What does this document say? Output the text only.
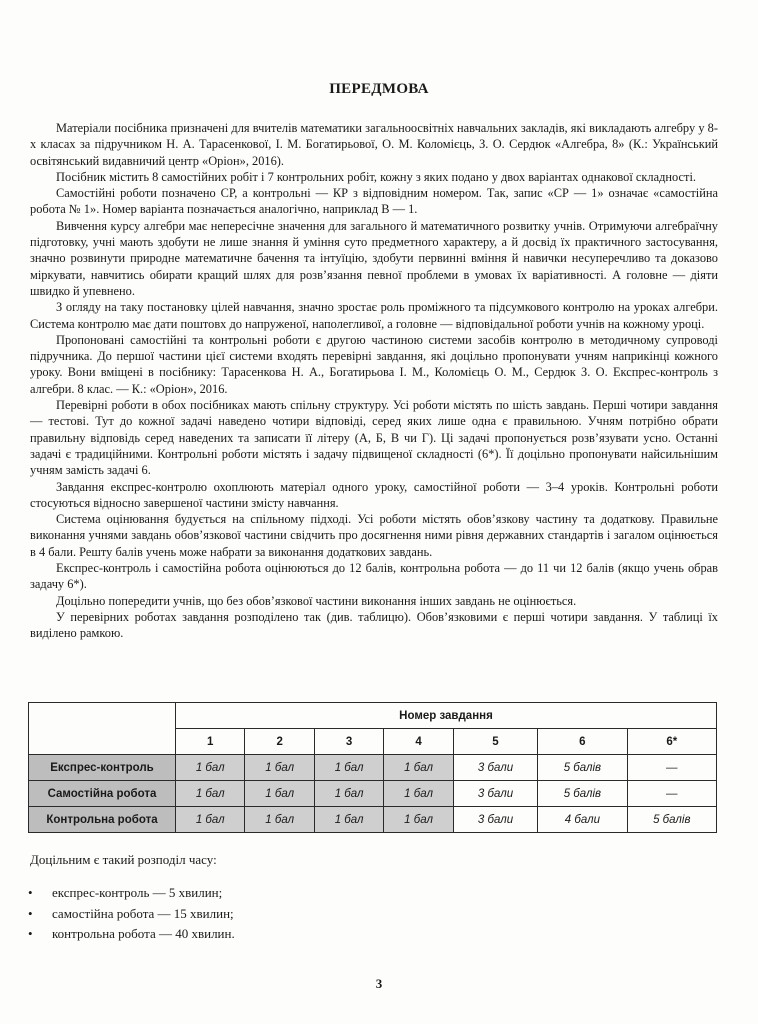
ПЕРЕДМОВА

Матеріали посібника призначені для вчителів математики загальноосвітніх навчальних закладів, які викладають алгебру у 8-х класах за підручником Н. А. Тарасенкової, І. М. Богатирьової, О. М. Коломієць, З. О. Сердюк «Алгебра, 8» (К.: Український освітянський видавничий центр «Оріон», 2016).

Посібник містить 8 самостійних робіт і 7 контрольних робіт, кожну з яких подано у двох варіантах однакової складності.

Самостійні роботи позначено СР, а контрольні — КР з відповідним номером. Так, запис «СР — 1» означає «самостійна робота № 1». Номер варіанта позначається аналогічно, наприклад В — 1.

Вивчення курсу алгебри має непересічне значення для загального й математичного розвитку учнів. Отримуючи алгебраїчну підготовку, учні мають здобути не лише знання й уміння суто предметного характеру, а й досвід їх практичного застосування, значно розвинути природне математичне бачення та інтуїцію, здобути первинні вміння й навички несуперечливо та доказово міркувати, навчитись обирати кращий шлях для розв’язання певної проблеми в умовах їх варіативності. А головне — діяти швидко й упевнено.

З огляду на таку постановку цілей навчання, значно зростає роль проміжного та підсумкового контролю на уроках алгебри. Система контролю має дати поштовх до напруженої, наполегливої, а головне — відповідальної роботи учнів на кожному уроці.

Пропоновані самостійні та контрольні роботи є другою частиною системи засобів контролю в методичному супроводі підручника. До першої частини цієї системи входять перевірні завдання, які доцільно пропонувати учням наприкінці кожного уроку. Вони вміщені в посібнику: Тарасенкова Н. А., Богатирьова І. М., Коломієць О. М., Сердюк З. О. Експрес-контроль з алгебри. 8 клас. — К.: «Оріон», 2016.

Перевірні роботи в обох посібниках мають спільну структуру. Усі роботи містять по шість завдань. Перші чотири завдання — тестові. Тут до кожної задачі наведено чотири відповіді, серед яких лише одна є правильною. Учням потрібно обрати правильну відповідь серед наведених та записати її літеру (А, Б, В чи Г). Ці задачі пропонується розв’язувати усно. Останні задачі є традиційними. Контрольні роботи містять і задачу підвищеної складності (6*). Її доцільно пропонувати найсильнішим учням замість задачі 6.

Завдання експрес-контролю охоплюють матеріал одного уроку, самостійної роботи — 3–4 уроків. Контрольні роботи стосуються відносно завершеної частини змісту навчання.

Система оцінювання будується на спільному підході. Усі роботи містять обов’язкову частину та додаткову. Правильне виконання учнями завдань обов’язкової частини свідчить про досягнення ними рівня державних стандартів і загалом оцінюється в 4 бали. Решту балів учень може набрати за виконання додаткових завдань.

Експрес-контроль і самостійна робота оцінюються до 12 балів, контрольна робота — до 11 чи 12 балів (якщо учень обрав задачу 6*).

Доцільно попередити учнів, що без обов’язкової частини виконання інших завдань не оцінюється.

У перевірних роботах завдання розподілено так (див. таблицю). Обов’язковими є перші чотири завдання. У таблиці їх виділено рамкою.

	Номер завдання						
	1	2	3	4	5	6	6*
Експрес-контроль	1 бал	1 бал	1 бал	1 бал	3 бали	5 балів	—
Самостійна робота	1 бал	1 бал	1 бал	1 бал	3 бали	5 балів	—
Контрольна робота	1 бал	1 бал	1 бал	1 бал	3 бали	4 бали	5 балів
Доцільним є такий розподіл часу:
• експрес-контроль — 5 хвилин;
• самостійна робота — 15 хвилин;
• контрольна робота — 40 хвилин.
3
